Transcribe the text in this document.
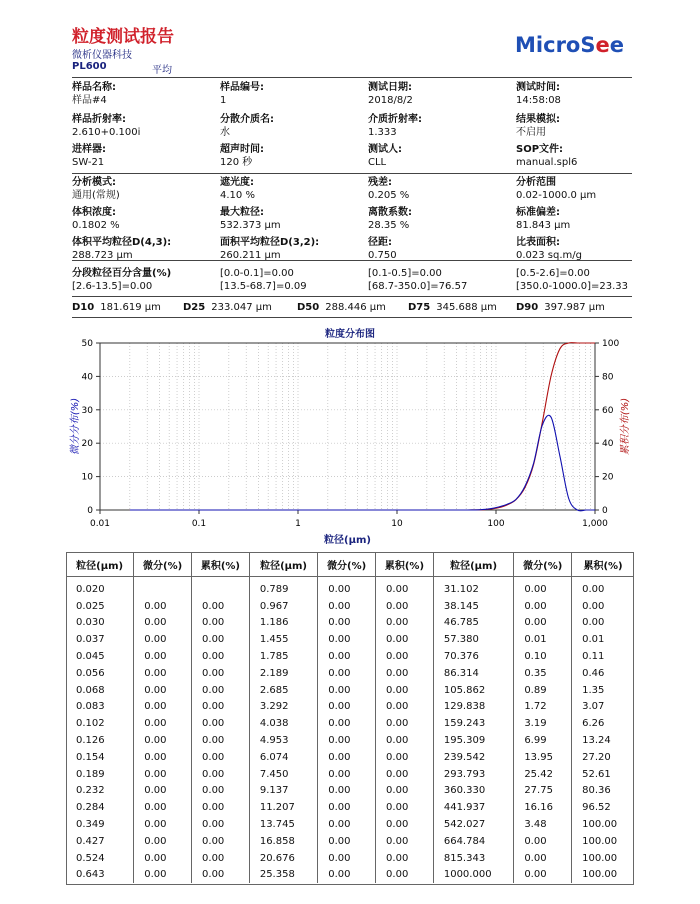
粒度测试报告
微析仪器科技
PL600	平均
MicroSee
样品名称:
样品#4
样品编号:
1
测试日期:
2018/8/2
测试时间:
14:58:08
样品折射率:
2.610+0.100i
分散介质名:
水
介质折射率:
1.333
结果模拟:
不启用
进样器:
SW-21
超声时间:
120 秒
测试人:
CLL
SOP文件:
manual.spl6
分析模式:
通用(常规)
遮光度:
4.10 %
残差:
0.205 %
分析范围
0.02-1000.0 μm
体积浓度:
0.1802 %
最大粒径:
532.373 μm
离散系数:
28.35 %
标准偏差:
81.843 μm
体积平均粒径D(4,3):
288.723 μm
面积平均粒径D(3,2):
260.211 μm
径距:
0.750
比表面积:
0.023 sq.m/g
分段粒径百分含量(%)
[2.6-13.5]=0.00
[0.0-0.1]=0.00
[13.5-68.7]=0.09
[0.1-0.5]=0.00
[68.7-350.0]=76.57
[0.5-2.6]=0.00
[350.0-1000.0]=23.33
D10 181.619 μm D25 233.047 μm	D50 288.446 μm D75 345.688 μm D90 397.987 μm
粒度分布图
0.01	0.1	1	10	100	1,000
0
10
20
30
40
50
0
20
40
60
80
100
粒径(μm)
微分分布(%)	累积分布(%)
粒径(μm)	微分(%)	累积(%)	粒径(μm)	微分(%)	累积(%)	粒径(μm)	微分(%)	累积(%)
0.020			0.789	0.00	0.00	31.102	0.00	0.00
0.025	0.00	0.00	0.967	0.00	0.00	38.145	0.00	0.00
0.030	0.00	0.00	1.186	0.00	0.00	46.785	0.00	0.00
0.037	0.00	0.00	1.455	0.00	0.00	57.380	0.01	0.01
0.045	0.00	0.00	1.785	0.00	0.00	70.376	0.10	0.11
0.056	0.00	0.00	2.189	0.00	0.00	86.314	0.35	0.46
0.068	0.00	0.00	2.685	0.00	0.00	105.862	0.89	1.35
0.083	0.00	0.00	3.292	0.00	0.00	129.838	1.72	3.07
0.102	0.00	0.00	4.038	0.00	0.00	159.243	3.19	6.26
0.126	0.00	0.00	4.953	0.00	0.00	195.309	6.99	13.24
0.154	0.00	0.00	6.074	0.00	0.00	239.542	13.95	27.20
0.189	0.00	0.00	7.450	0.00	0.00	293.793	25.42	52.61
0.232	0.00	0.00	9.137	0.00	0.00	360.330	27.75	80.36
0.284	0.00	0.00	11.207	0.00	0.00	441.937	16.16	96.52
0.349	0.00	0.00	13.745	0.00	0.00	542.027	3.48	100.00
0.427	0.00	0.00	16.858	0.00	0.00	664.784	0.00	100.00
0.524	0.00	0.00	20.676	0.00	0.00	815.343	0.00	100.00
0.643	0.00	0.00	25.358	0.00	0.00	1000.000	0.00	100.00
